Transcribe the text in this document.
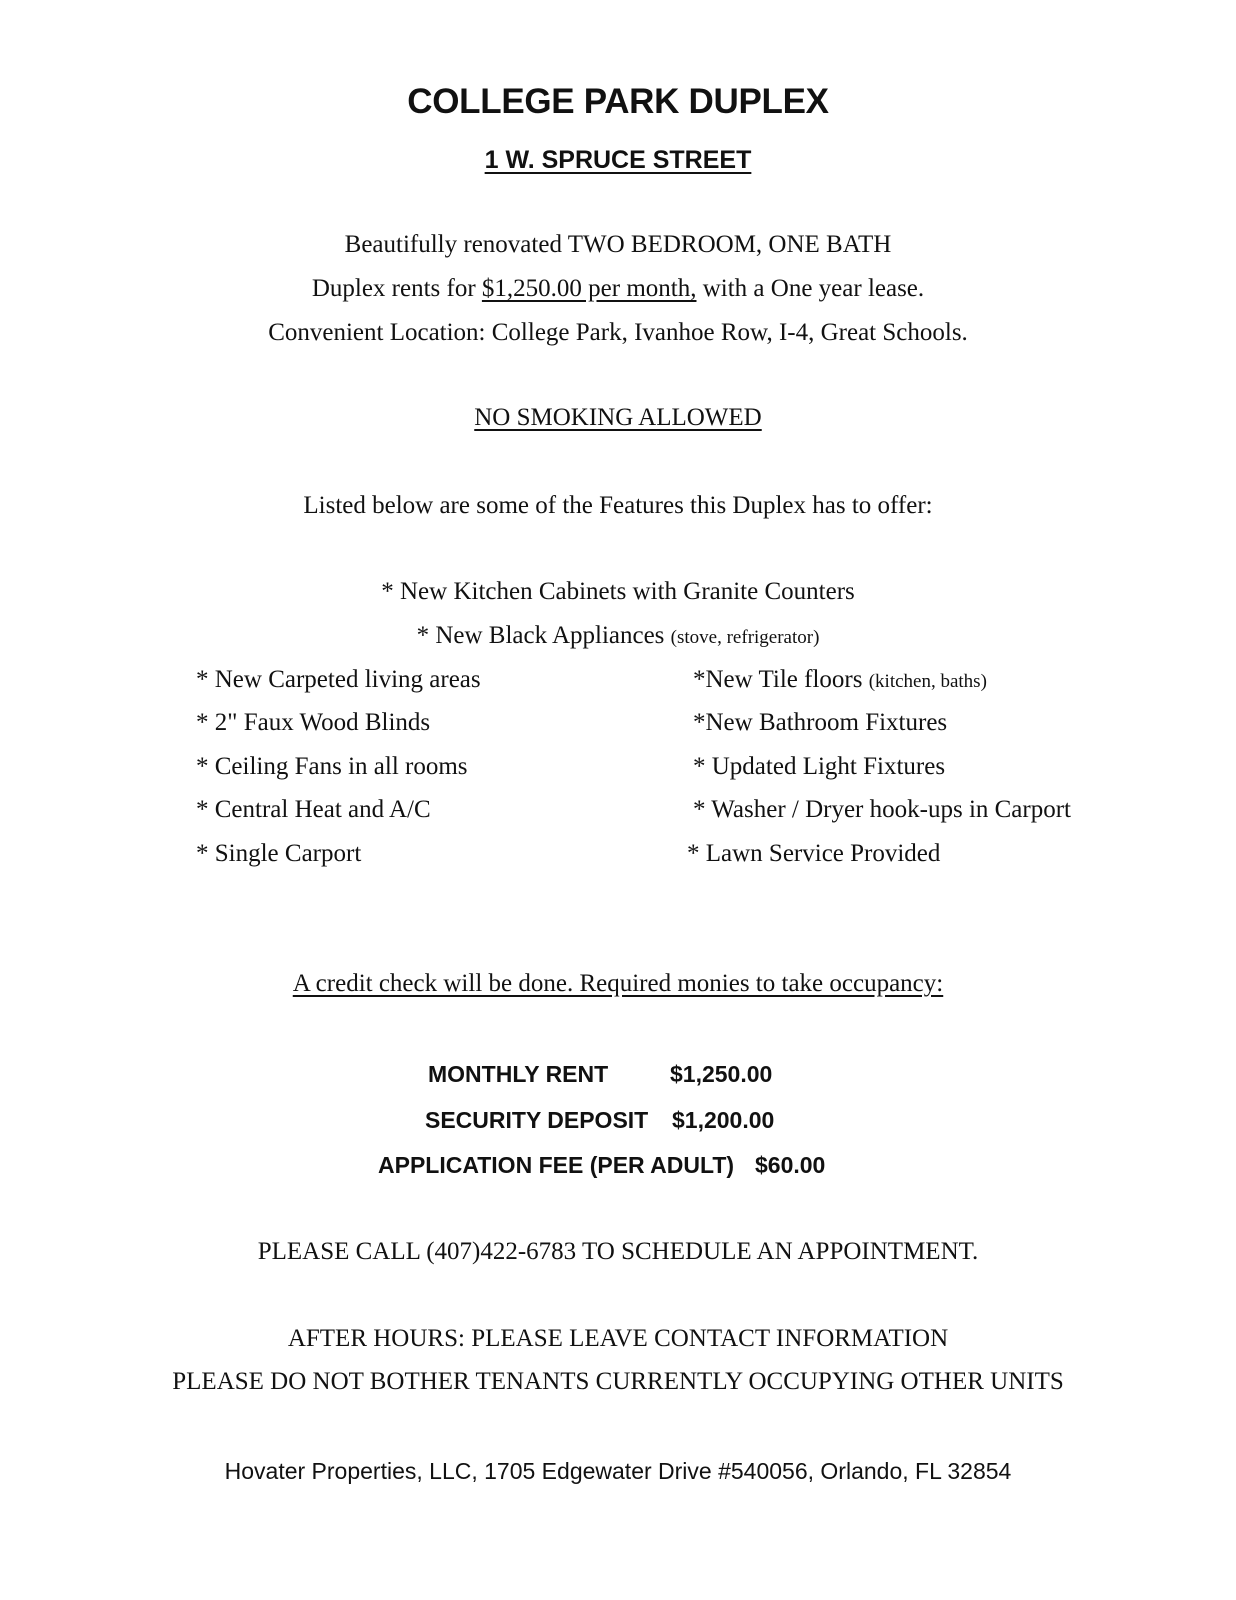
COLLEGE PARK DUPLEX
1 W. SPRUCE STREET
Beautifully renovated TWO BEDROOM, ONE BATH
Duplex rents for $1,250.00 per month, with a One year lease.
Convenient Location: College Park, Ivanhoe Row, I-4, Great Schools.
NO SMOKING ALLOWED
Listed below are some of the Features this Duplex has to offer:
* New Kitchen Cabinets with Granite Counters
* New Black Appliances (stove, refrigerator)
* New Carpeted living areas
* 2" Faux Wood Blinds
* Ceiling Fans in all rooms
* Central Heat and A/C
* Single Carport
*New Tile floors (kitchen, baths)
*New Bathroom Fixtures
* Updated Light Fixtures
* Washer / Dryer hook-ups in Carport
* Lawn Service Provided
A credit check will be done. Required monies to take occupancy:
MONTHLY RENT	$1,250.00
SECURITY DEPOSIT $1,200.00
APPLICATION FEE (PER ADULT) $60.00
PLEASE CALL (407)422-6783 TO SCHEDULE AN APPOINTMENT.
AFTER HOURS: PLEASE LEAVE CONTACT INFORMATION
PLEASE DO NOT BOTHER TENANTS CURRENTLY OCCUPYING OTHER UNITS
Hovater Properties, LLC, 1705 Edgewater Drive #540056, Orlando, FL 32854
